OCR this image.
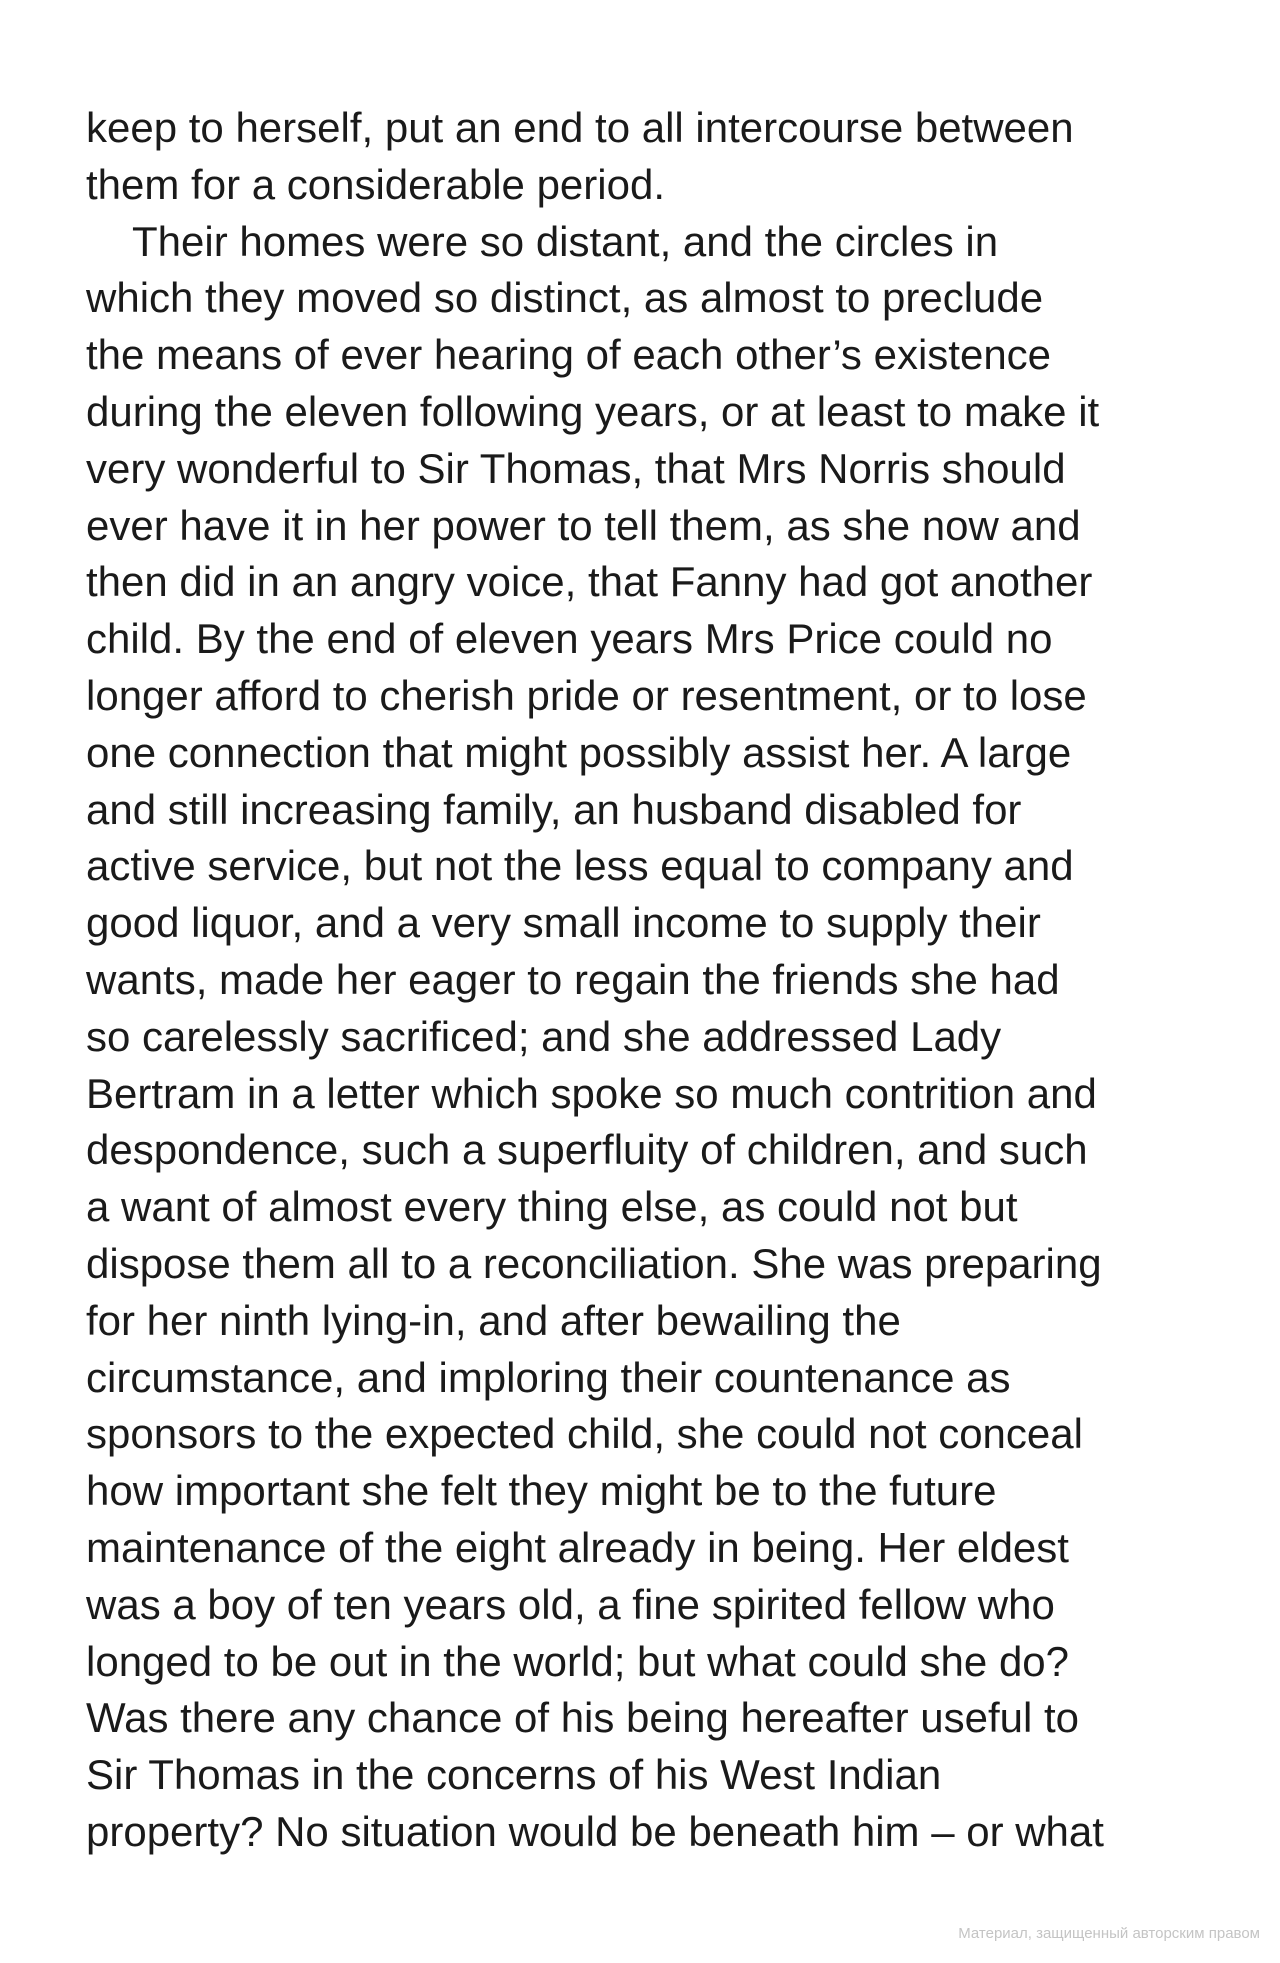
keep to herself, put an end to all intercourse between
them for a considerable period.
Their homes were so distant, and the circles in
which they moved so distinct, as almost to preclude
the means of ever hearing of each other’s existence
during the eleven following years, or at least to make it
very wonderful to Sir Thomas, that Mrs Norris should
ever have it in her power to tell them, as she now and
then did in an angry voice, that Fanny had got another
child. By the end of eleven years Mrs Price could no
longer afford to cherish pride or resentment, or to lose
one connection that might possibly assist her. A large
and still increasing family, an husband disabled for
active service, but not the less equal to company and
good liquor, and a very small income to supply their
wants, made her eager to regain the friends she had
so carelessly sacrificed; and she addressed Lady
Bertram in a letter which spoke so much contrition and
despondence, such a superfluity of children, and such
a want of almost every thing else, as could not but
dispose them all to a reconciliation. She was preparing
for her ninth lying-in, and after bewailing the
circumstance, and imploring their countenance as
sponsors to the expected child, she could not conceal
how important she felt they might be to the future
maintenance of the eight already in being. Her eldest
was a boy of ten years old, a fine spirited fellow who
longed to be out in the world; but what could she do?
Was there any chance of his being hereafter useful to
Sir Thomas in the concerns of his West Indian
property? No situation would be beneath him – or what
Материал, защищенный авторским правом
